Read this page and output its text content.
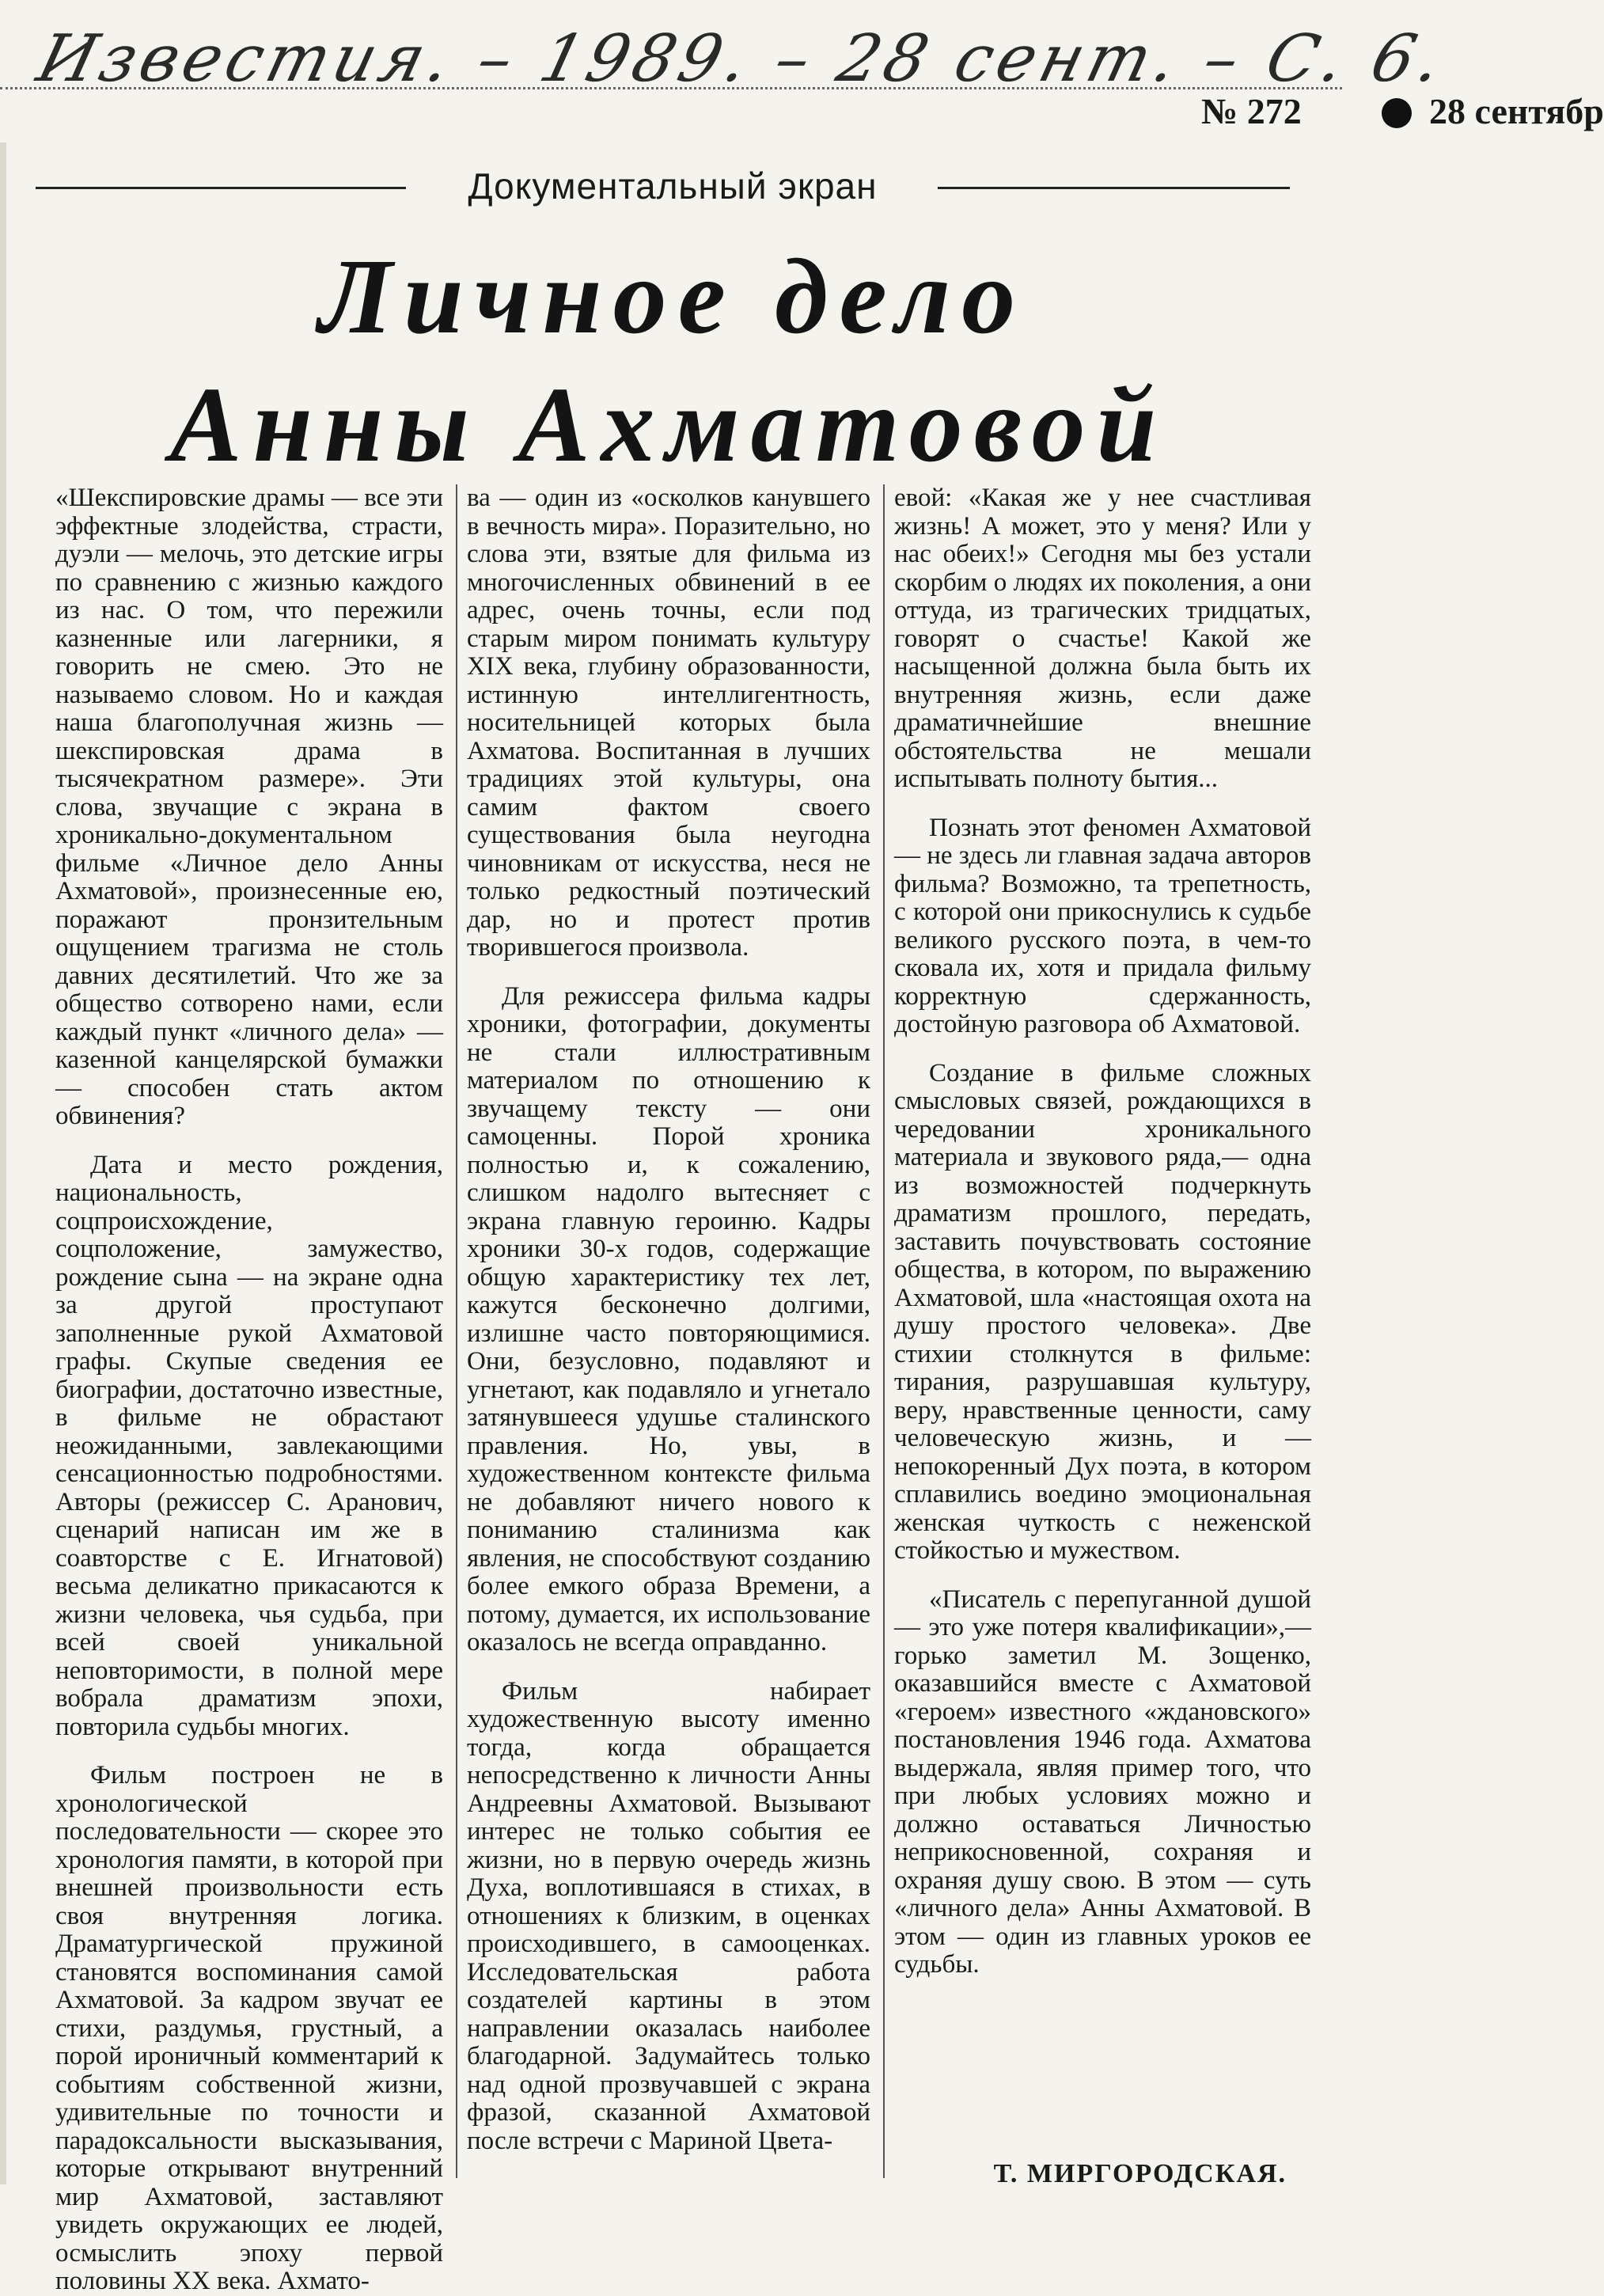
Известия. – 1989. – 28 сент. – С. 6.
№ 272	28 сентябр
Документальный экран
Личное дело
Анны Ахматовой

«Шекспировские драмы — все эти эффектные злодейства, страсти, дуэли — мелочь, это детские игры по сравнению с жизнью каждого из нас. О том, что пережили казненные или лагерники, я говорить не смею. Это не называемо словом. Но и каждая наша благополучная жизнь — шекспировская драма в тысячекратном размере». Эти слова, звучащие с экрана в хроникально-документальном фильме «Личное дело Анны Ахматовой», произнесенные ею, поражают пронзительным ощущением трагизма не столь давних десятилетий. Что же за общество сотворено нами, если каждый пункт «личного дела» — казенной канцелярской бумажки — способен стать актом обвинения?

Дата и место рождения, национальность, соцпроисхождение, соцположение, замужество, рождение сына — на экране одна за другой проступают заполненные рукой Ахматовой графы. Скупые сведения ее биографии, достаточно известные, в фильме не обрастают неожиданными, завлекающими сенсационностью подробностями. Авторы (режиссер С. Аранович, сценарий написан им же в соавторстве с Е. Игнатовой) весьма деликатно прикасаются к жизни человека, чья судьба, при всей своей уникальной неповторимости, в полной мере вобрала драматизм эпохи, повторила судьбы многих.

Фильм построен не в хронологической последовательности — скорее это хронология памяти, в которой при внешней произвольности есть своя внутренняя логика. Драматургической пружиной становятся воспоминания самой Ахматовой. За кадром звучат ее стихи, раздумья, грустный, а порой ироничный комментарий к событиям собственной жизни, удивительные по точности и парадоксальности высказывания, которые открывают внутренний мир Ахматовой, заставляют увидеть окружающих ее людей, осмыслить эпоху первой половины XX века. Ахмато-

ва — один из «осколков канувшего в вечность мира». Поразительно, но слова эти, взятые для фильма из многочисленных обвинений в ее адрес, очень точны, если под старым миром понимать культуру XIX века, глубину образованности, истинную интеллигентность, носительницей которых была Ахматова. Воспитанная в лучших традициях этой культуры, она самим фактом своего существования была неугодна чиновникам от искусства, неся не только редкостный поэтический дар, но и протест против творившегося произвола.

Для режиссера фильма кадры хроники, фотографии, документы не стали иллюстративным материалом по отношению к звучащему тексту — они самоценны. Порой хроника полностью и, к сожалению, слишком надолго вытесняет с экрана главную героиню. Кадры хроники 30-х годов, содержащие общую характеристику тех лет, кажутся бесконечно долгими, излишне часто повторяющимися. Они, безусловно, подавляют и угнетают, как подавляло и угнетало затянувшееся удушье сталинского правления. Но, увы, в художественном контексте фильма не добавляют ничего нового к пониманию сталинизма как явления, не способствуют созданию более емкого образа Времени, а потому, думается, их использование оказалось не всегда оправданно.

Фильм набирает художественную высоту именно тогда, когда обращается непосредственно к личности Анны Андреевны Ахматовой. Вызывают интерес не только события ее жизни, но в первую очередь жизнь Духа, воплотившаяся в стихах, в отношениях к близким, в оценках происходившего, в самооценках. Исследовательская работа создателей картины в этом направлении оказалась наиболее благодарной. Задумайтесь только над одной прозвучавшей с экрана фразой, сказанной Ахматовой после встречи с Мариной Цвета-

евой: «Какая же у нее счастливая жизнь! А может, это у меня? Или у нас обеих!» Сегодня мы без устали скорбим о людях их поколения, а они оттуда, из трагических тридцатых, говорят о счастье! Какой же насыщенной должна была быть их внутренняя жизнь, если даже драматичнейшие внешние обстоятельства не мешали испытывать полноту бытия...

Познать этот феномен Ахматовой — не здесь ли главная задача авторов фильма? Возможно, та трепетность, с которой они прикоснулись к судьбе великого русского поэта, в чем-то сковала их, хотя и придала фильму корректную сдержанность, достойную разговора об Ахматовой.

Создание в фильме сложных смысловых связей, рождающихся в чередовании хроникального материала и звукового ряда,— одна из возможностей подчеркнуть драматизм прошлого, передать, заставить почувствовать состояние общества, в котором, по выражению Ахматовой, шла «настоящая охота на душу простого человека». Две стихии столкнутся в фильме: тирания, разрушавшая культуру, веру, нравственные ценности, саму человеческую жизнь, и — непокоренный Дух поэта, в котором сплавились воедино эмоциональная женская чуткость с неженской стойкостью и мужеством.

«Писатель с перепуганной душой — это уже потеря квалификации»,— горько заметил М. Зощенко, оказавшийся вместе с Ахматовой «героем» известного «ждановского» постановления 1946 года. Ахматова выдержала, являя пример того, что при любых условиях можно и должно оставаться Личностью неприкосновенной, сохраняя и охраняя душу свою. В этом — суть «личного дела» Анны Ахматовой. В этом — один из главных уроков ее судьбы.

Т. МИРГОРОДСКАЯ.
